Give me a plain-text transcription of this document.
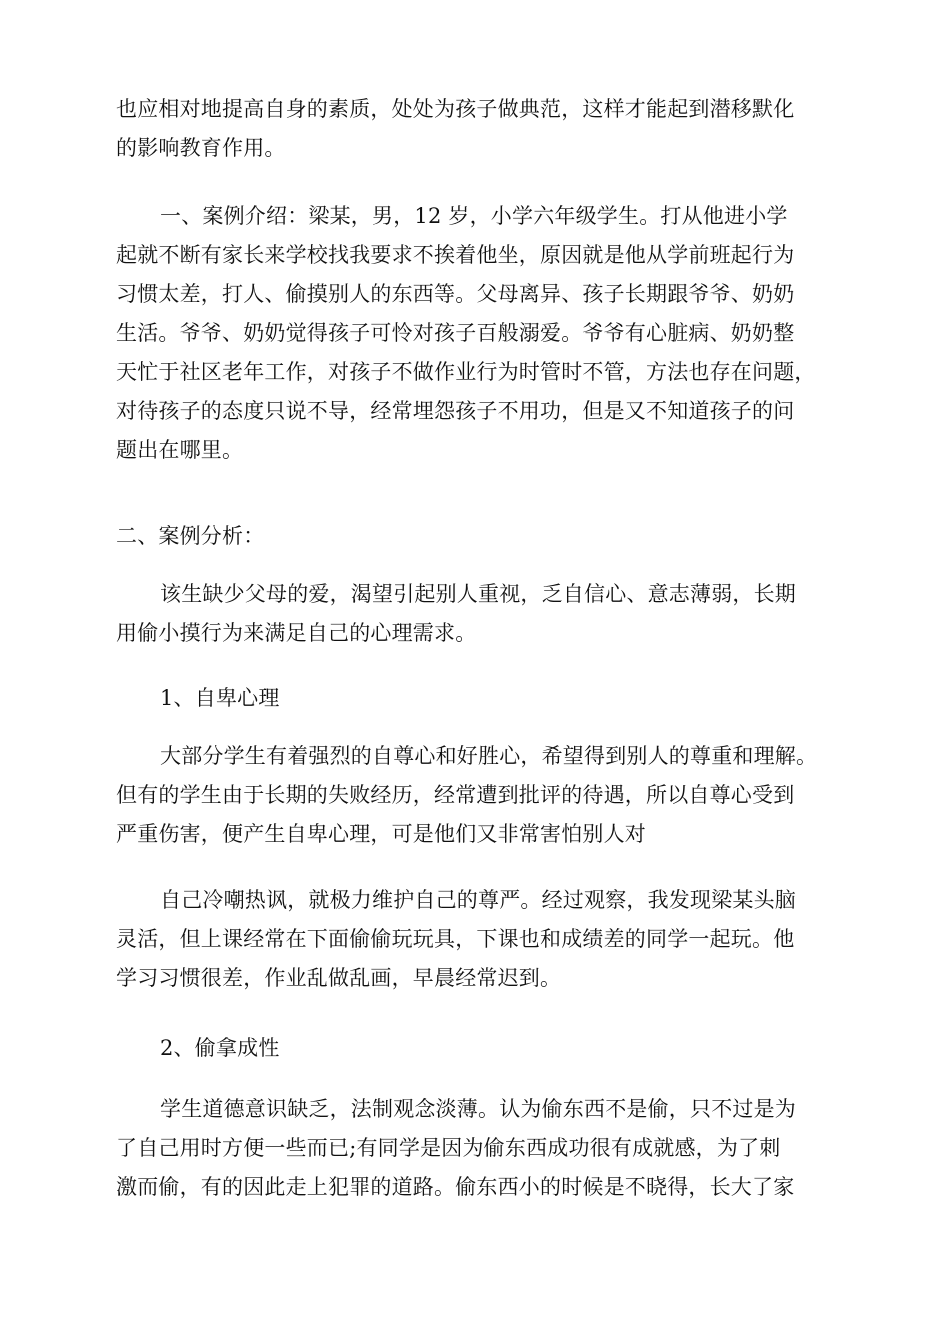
也应相对地提高自身的素质，处处为孩子做典范，这样才能起到潜移默化
的影响教育作用。

一、案例介绍：梁某，男，12 岁，小学六年级学生。打从他进小学
起就不断有家长来学校找我要求不挨着他坐，原因就是他从学前班起行为
习惯太差，打人、偷摸别人的东西等。父母离异、孩子长期跟爷爷、奶奶
生活。爷爷、奶奶觉得孩子可怜对孩子百般溺爱。爷爷有心脏病、奶奶整
天忙于社区老年工作，对孩子不做作业行为时管时不管，方法也存在问题，
对待孩子的态度只说不导，经常埋怨孩子不用功，但是又不知道孩子的问
题出在哪里。

二、案例分析：

该生缺少父母的爱，渴望引起别人重视，乏自信心、意志薄弱，长期
用偷小摸行为来满足自己的心理需求。

1、自卑心理

大部分学生有着强烈的自尊心和好胜心，希望得到别人的尊重和理解。
但有的学生由于长期的失败经历，经常遭到批评的待遇，所以自尊心受到
严重伤害，便产生自卑心理，可是他们又非常害怕别人对

自己冷嘲热讽，就极力维护自己的尊严。经过观察，我发现梁某头脑
灵活，但上课经常在下面偷偷玩玩具，下课也和成绩差的同学一起玩。他
学习习惯很差，作业乱做乱画，早晨经常迟到。

2、偷拿成性

学生道德意识缺乏，法制观念淡薄。认为偷东西不是偷，只不过是为
了自己用时方便一些而已;有同学是因为偷东西成功很有成就感，为了刺
激而偷，有的因此走上犯罪的道路。偷东西小的时候是不晓得，长大了家
